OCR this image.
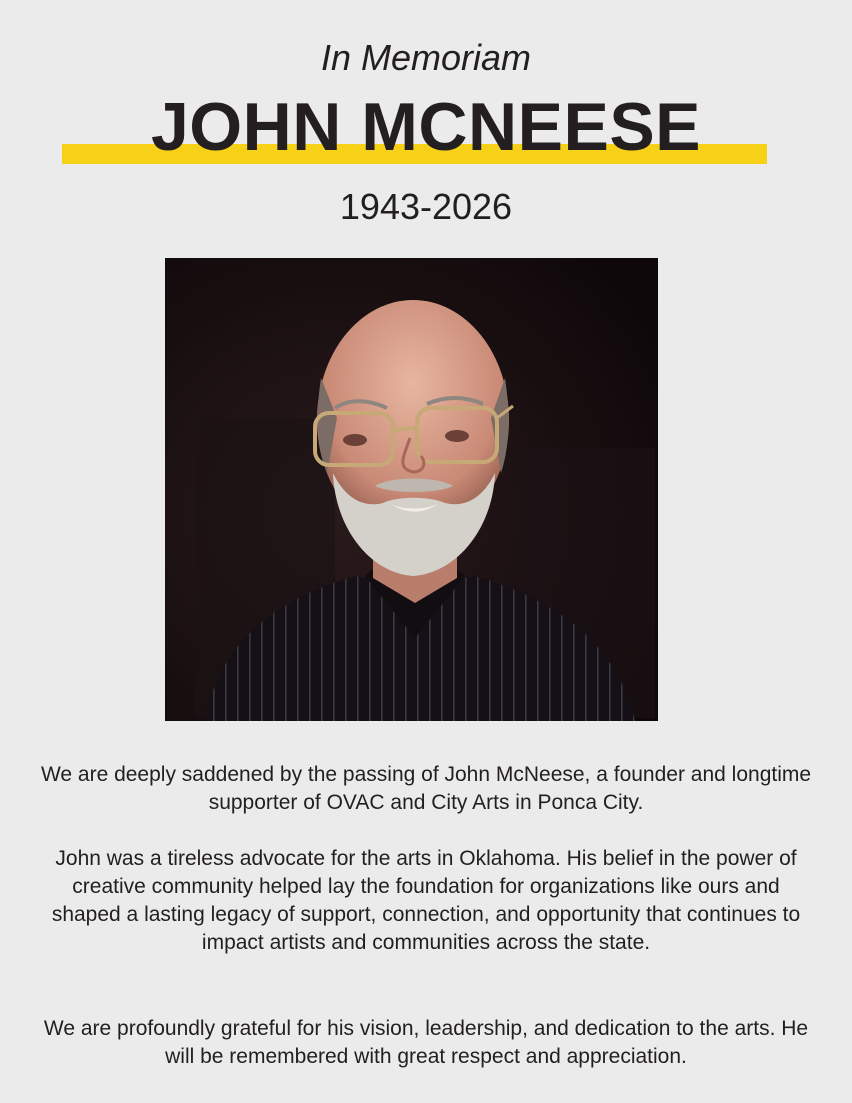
In Memoriam
JOHN MCNEESE
1943-2026

We are deeply saddened by the passing of John McNeese, a founder and longtime supporter of OVAC and City Arts in Ponca City.

John was a tireless advocate for the arts in Oklahoma. His belief in the power of creative community helped lay the foundation for organizations like ours and shaped a lasting legacy of support, connection, and opportunity that continues to impact artists and communities across the state.

We are profoundly grateful for his vision, leadership, and dedication to the arts. He will be remembered with great respect and appreciation.
